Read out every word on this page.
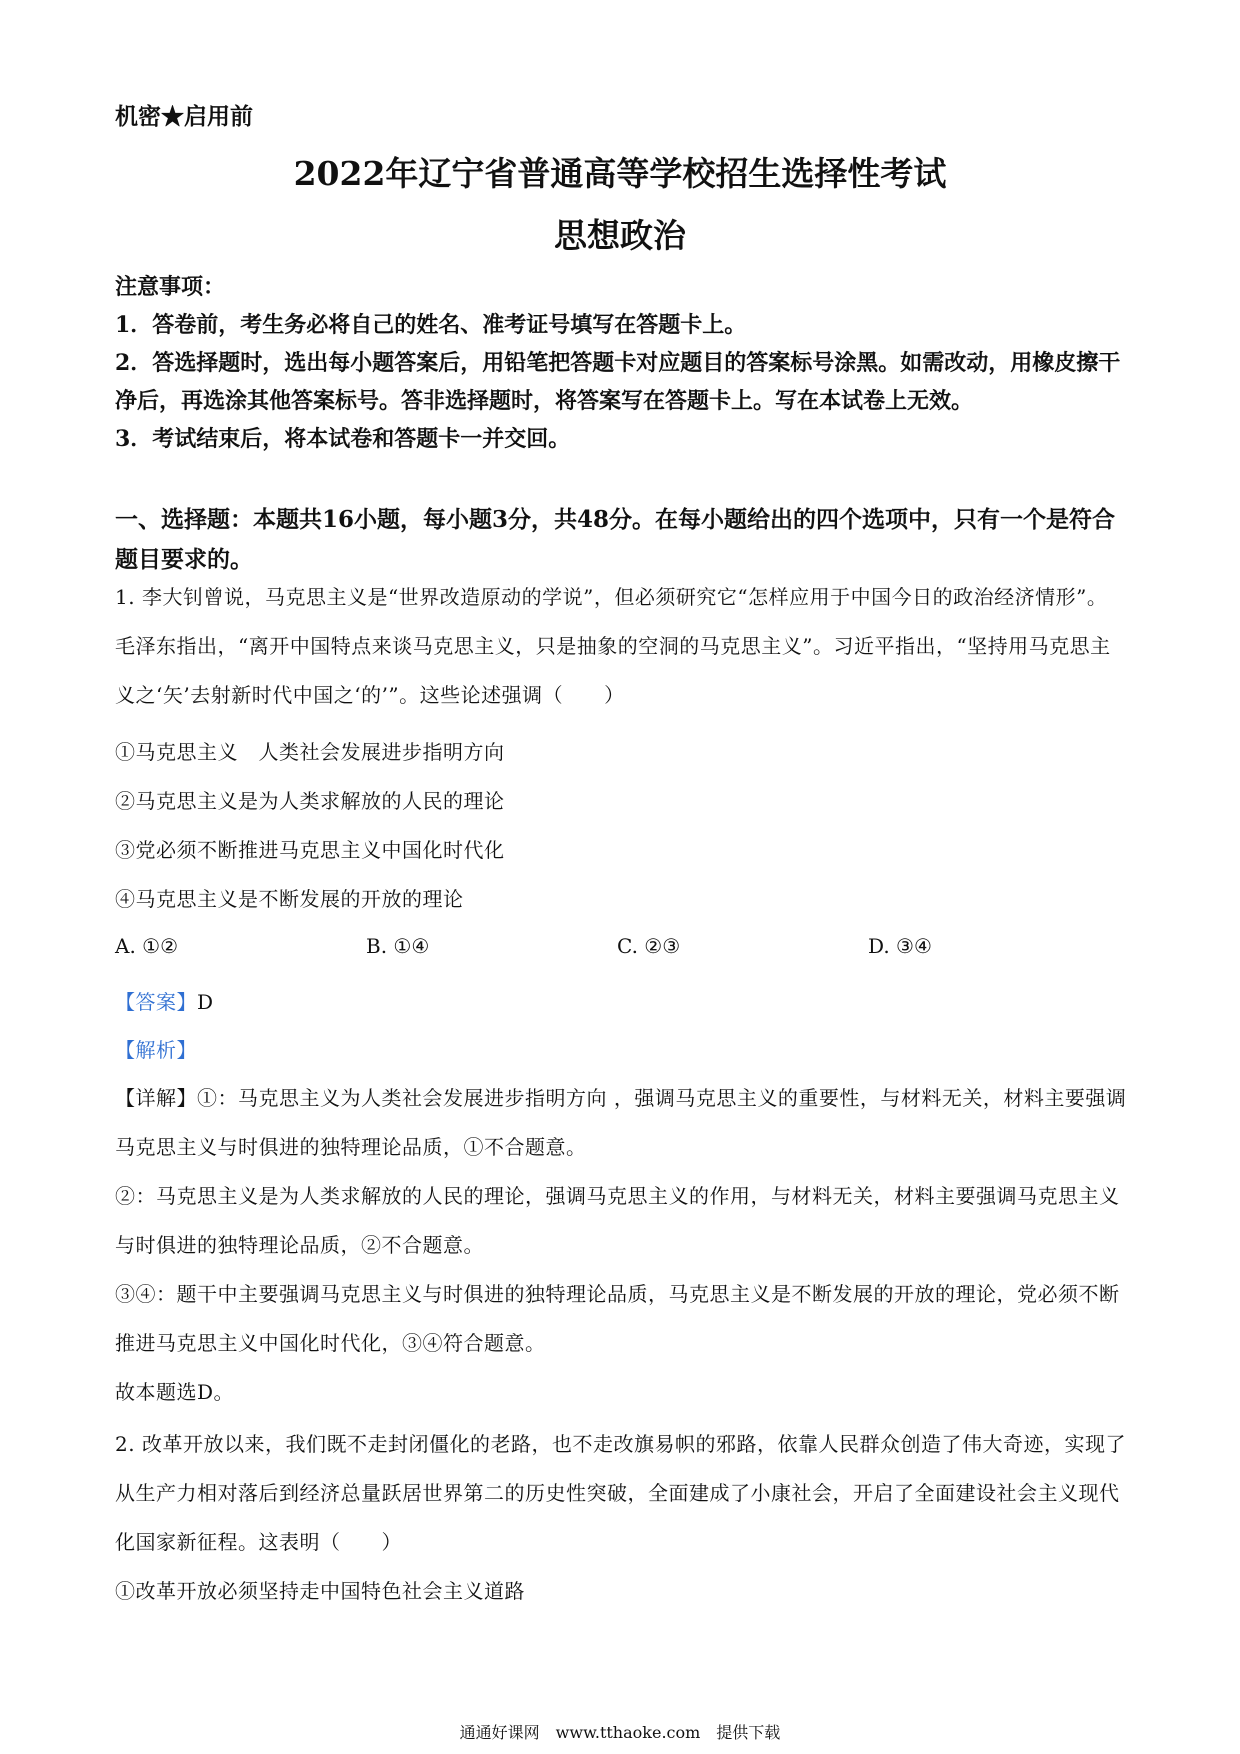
机密★启用前
2022年辽宁省普通高等学校招生选择性考试
思想政治

注意事项：

1．答卷前，考生务必将自己的姓名、准考证号填写在答题卡上。

2．答选择题时，选出每小题答案后，用铅笔把答题卡对应题目的答案标号涂黑。如需改动，用橡皮擦干净后，再选涂其他答案标号。答非选择题时，将答案写在答题卡上。写在本试卷上无效。

3．考试结束后，将本试卷和答题卡一并交回。

一、选择题：本题共16小题，每小题3分，共48分。在每小题给出的四个选项中，只有一个是符合题目要求的。

1. 李大钊曾说，马克思主义是“世界改造原动的学说”，但必须研究它“怎样应用于中国今日的政治经济情形”。毛泽东指出，“离开中国特点来谈马克思主义，只是抽象的空洞的马克思主义”。习近平指出，“坚持用马克思主义之‘矢’去射新时代中国之‘的’”。这些论述强调（　　）

①马克思主义　人类社会发展进步指明方向

②马克思主义是为人类求解放的人民的理论

③党必须不断推进马克思主义中国化时代化

④马克思主义是不断发展的开放的理论

A. ①②	B. ①④	C. ②③	D. ③④

【答案】D

【解析】

【详解】①：马克思主义为人类社会发展进步指明方向 ，强调马克思主义的重要性，与材料无关，材料主要强调马克思主义与时俱进的独特理论品质，①不合题意。

②：马克思主义是为人类求解放的人民的理论，强调马克思主义的作用，与材料无关，材料主要强调马克思主义与时俱进的独特理论品质，②不合题意。

③④：题干中主要强调马克思主义与时俱进的独特理论品质，马克思主义是不断发展的开放的理论，党必须不断推进马克思主义中国化时代化，③④符合题意。

故本题选D。

2. 改革开放以来，我们既不走封闭僵化的老路，也不走改旗易帜的邪路，依靠人民群众创造了伟大奇迹，实现了从生产力相对落后到经济总量跃居世界第二的历史性突破，全面建成了小康社会，开启了全面建设社会主义现代化国家新征程。这表明（　　）

①改革开放必须坚持走中国特色社会主义道路

通通好课网　www.tthaoke.com　提供下载
